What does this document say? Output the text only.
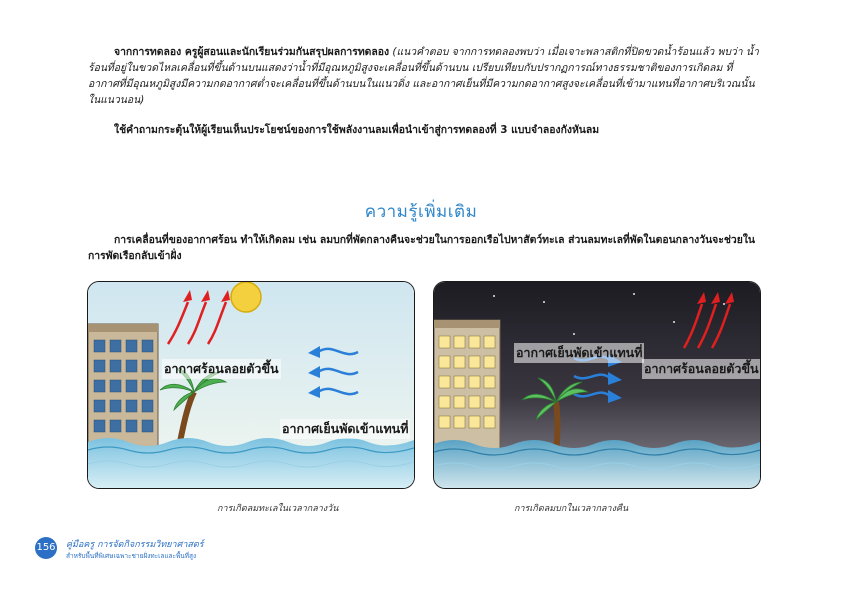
จากการทดลอง ครูผู้สอนและนักเรียนร่วมกันสรุปผลการทดลอง (แนวคำตอบ จากการทดลองพบว่า เมื่อเจาะพลาสติกที่ปิดขวดน้ำร้อนแล้ว พบว่า น้ำร้อนที่อยู่ในขวดไหลเคลื่อนที่ขึ้นด้านบนแสดงว่าน้ำที่มีอุณหภูมิสูงจะเคลื่อนที่ขึ้นด้านบน เปรียบเทียบกับปรากฏการณ์ทางธรรมชาติของการเกิดลม ที่อากาศที่มีอุณหภูมิสูงมีความกดอากาศต่ำจะเคลื่อนที่ขึ้นด้านบนในแนวดิ่ง และอากาศเย็นที่มีความกดอากาศสูงจะเคลื่อนที่เข้ามาแทนที่อากาศบริเวณนั้นในแนวนอน)
ใช้คำถามกระตุ้นให้ผู้เรียนเห็นประโยชน์ของการใช้พลังงานลมเพื่อนำเข้าสู่การทดลองที่ 3 แบบจำลองกังหันลม
ความรู้เพิ่มเติม
การเคลื่อนที่ของอากาศร้อน ทำให้เกิดลม เช่น ลมบกที่พัดกลางคืนจะช่วยในการออกเรือไปหาสัตว์ทะเล ส่วนลมทะเลที่พัดในตอนกลางวันจะช่วยในการพัดเรือกลับเข้าฝั่ง
อากาศร้อนลอยตัวขึ้น
อากาศเย็นพัดเข้าแทนที่
อากาศเย็นพัดเข้าแทนที่
อากาศร้อนลอยตัวขึ้น
การเกิดลมทะเลในเวลากลางวัน	การเกิดลมบกในเวลากลางคืน
156 คู่มือครู การจัดกิจกรรมวิทยาศาสตร์
สำหรับพื้นที่พิเศษเฉพาะชายฝั่งทะเลและพื้นที่สูง
